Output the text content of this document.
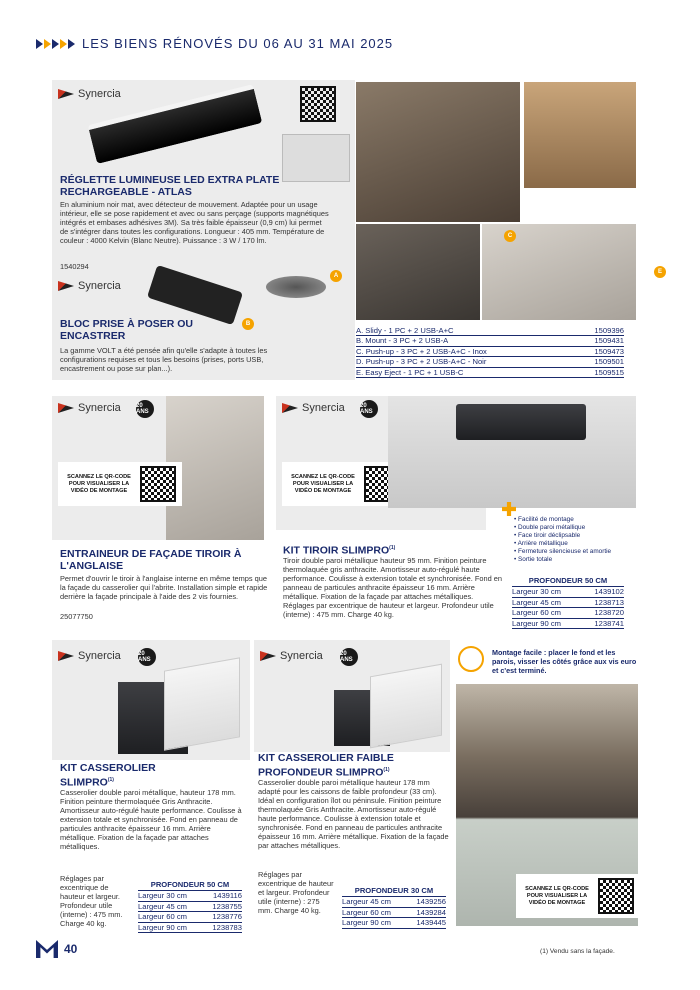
LES BIENS RÉNOVÉS DU 06 AU 31 MAI 2025
Synercia
RÉGLETTE LUMINEUSE LED EXTRA PLATE RECHARGEABLE - ATLAS
En aluminium noir mat, avec détecteur de mouvement. Adaptée pour un usage intérieur, elle se pose rapidement et avec ou sans perçage (supports magnétiques intégrés et embases adhésives 3M). Sa très faible épaisseur (0,9 cm) lui permet de s'intégrer dans toutes les configurations. Longueur : 405 mm. Température de couleur : 4000 Kelvin (Blanc Neutre). Puissance : 3 W / 170 lm.
1540294
Synercia
A
B
BLOC PRISE À POSER OU ENCASTRER
La gamme VOLT a été pensée afin qu'elle s'adapte à toutes les configurations requises et tous les besoins (prises, ports USB, encastrement ou pose sur plan...).
C
E
A. Slidy - 1 PC + 2 USB-A+C	1509396
B. Mount - 3 PC + 2 USB-A	1509431
C. Push-up - 3 PC + 2 USB-A+C - Inox	1509473
D. Push-up - 3 PC + 2 USB-A+C - Noir	1509501
E. Easy Eject - 1 PC + 1 USB-C	1509515
Synercia	20 ANS
SCANNEZ LE QR-CODE POUR VISUALISER LA VIDÉO DE MONTAGE
ENTRAINEUR DE FAÇADE TIROIR À L'ANGLAISE
Permet d'ouvrir le tiroir à l'anglaise interne en même temps que la façade du casserolier qui l'abrite. Installation simple et rapide derrière la façade principale à l'aide des 2 vis fournies.
25077750
Synercia	20 ANS
SCANNEZ LE QR-CODE POUR VISUALISER LA VIDÉO DE MONTAGE
• Facilité de montage
• Double paroi métallique
• Face tiroir déclipsable
• Arrière métallique
• Fermeture silencieuse et amortie
• Sortie totale
KIT TIROIR SLIMPRO$^{(1)}$
Tiroir double paroi métallique hauteur 95 mm. Finition peinture thermolaquée gris anthracite. Amortisseur auto-régulé haute performance. Coulisse à extension totale et synchronisée. Fond en panneau de particules anthracite épaisseur 16 mm. Arrière métallique. Fixation de la façade par attaches métalliques. Réglages par excentrique de hauteur et largeur. Profondeur utile (interne) : 475 mm. Charge 40 kg.
PROFONDEUR 50 CM
Largeur 30 cm	1439102
Largeur 45 cm	1238713
Largeur 60 cm	1238720
Largeur 90 cm	1238741
Synercia	20 ANS
KIT CASSEROLIER SLIMPRO$^{(1)}$
Casserolier double paroi métallique, hauteur 178 mm. Finition peinture thermolaquée Gris Anthracite. Amortisseur auto-régulé haute performance. Coulisse à extension totale et synchronisée. Fond en panneau de particules anthracite épaisseur 16 mm. Arrière métallique. Fixation de la façade par attaches métalliques.
Réglages par excentrique de hauteur et largeur. Profondeur utile (interne) : 475 mm. Charge 40 kg.
PROFONDEUR 50 CM
Largeur 30 cm	1439116
Largeur 45 cm	1238755
Largeur 60 cm	1238776
Largeur 90 cm	1238783
Synercia	20 ANS
KIT CASSEROLIER FAIBLE PROFONDEUR SLIMPRO$^{(1)}$
Casserolier double paroi métallique hauteur 178 mm adapté pour les caissons de faible profondeur (33 cm). Idéal en configuration îlot ou péninsule. Finition peinture thermolaquée Gris Anthracite. Amortisseur auto-régulé haute performance. Coulisse à extension totale et synchronisée. Fond en panneau de particules anthracite épaisseur 16 mm. Arrière métallique. Fixation de la façade par attaches métalliques.
Réglages par excentrique de hauteur et largeur. Profondeur utile (interne) : 275 mm. Charge 40 kg.
PROFONDEUR 30 CM
Largeur 45 cm	1439256
Largeur 60 cm	1439284
Largeur 90 cm	1439445
Montage facile : placer le fond et les parois, visser les côtés grâce aux vis euro et c'est terminé.
SCANNEZ LE QR-CODE POUR VISUALISER LA VIDÉO DE MONTAGE
40	(1) Vendu sans la façade.
